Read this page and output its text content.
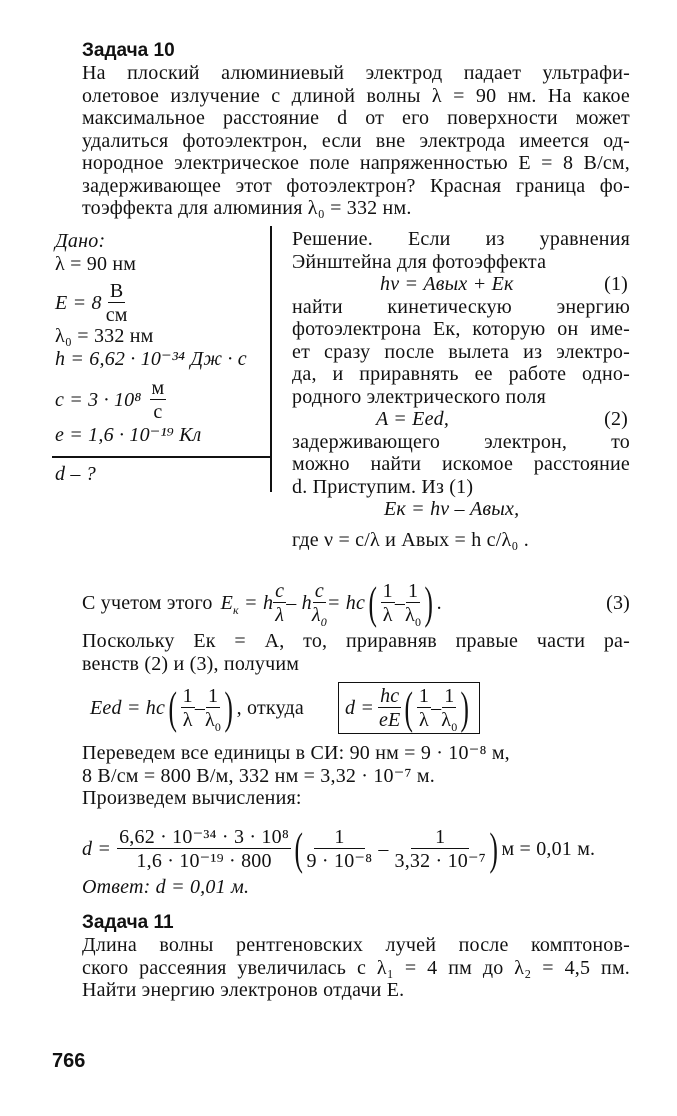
Задача 10
На плоский алюминиевый электрод падает ультрафи-
олетовое излучение с длиной волны λ = 90 нм. На какое
максимальное расстояние d от его поверхности может
удалиться фотоэлектрон, если вне электрода имеется од-
нородное электрическое поле напряженностью E = 8 В/см,
задерживающее этот фотоэлектрон? Красная граница фо-
тоэффекта для алюминия λ₀ = 332 нм.
Дано:
λ = 90 нм
$E = 8 \frac{В}{см}$
λ₀ = 332 нм
h = 6,62 · 10⁻³⁴ Дж · с
$c = 3 \cdot 10^8 \frac{м}{с}$
e = 1,6 · 10⁻¹⁹ Кл
d – ?
Решение. Если из уравнения
Эйнштейна для фотоэффекта
hν = Aвых + Eк	(1)
найти кинетическую энергию
фотоэлектрона Eк, которую он име-
ет сразу после вылета из электро-
да, и приравнять ее работе одно-
родного электрического поля
A = Eed,	(2)
задерживающего электрон, то
можно найти искомое расстояние
d. Приступим. Из (1)
Eк = hν – Aвых,
где ν = c/λ и Aвых = h c/λ₀ .
С учетом этого $E_к = h \frac{c}{\lambda} - h \frac{c}{\lambda_0}$ = hc ( $\frac{1}{\lambda} - \frac{1}{\lambda_0}$ ) .	(3)
Поскольку Eк = A, то, приравняв правые части ра-
венств (2) и (3), получим
Eed = hc ( $\frac{1}{\lambda} - \frac{1}{\lambda_0}$ ) , откуда $d = \frac{hc}{eE}$ ( $\frac{1}{\lambda} - \frac{1}{\lambda_0}$ )
Переведем все единицы в СИ: 90 нм = 9 · 10⁻⁸ м,
8 В/см = 800 В/м, 332 нм = 3,32 · 10⁻⁷ м.
Произведем вычисления:
$d = \frac{\text{6,62 · 10⁻³⁴ · 3 · 10⁸}}{\text{1,6 · 10⁻¹⁹ · 800}}$ ( $\frac{1}{\text{9 · 10⁻⁸}} - \frac{1}{\text{3,32 · 10⁻⁷}}$ ) м = 0,01 м.
Ответ: d = 0,01 м.
Задача 11
Длина волны рентгеновских лучей после комптонов-
ского рассеяния увеличилась с λ₁ = 4 пм до λ₂ = 4,5 пм.
Найти энергию электронов отдачи E.
766
